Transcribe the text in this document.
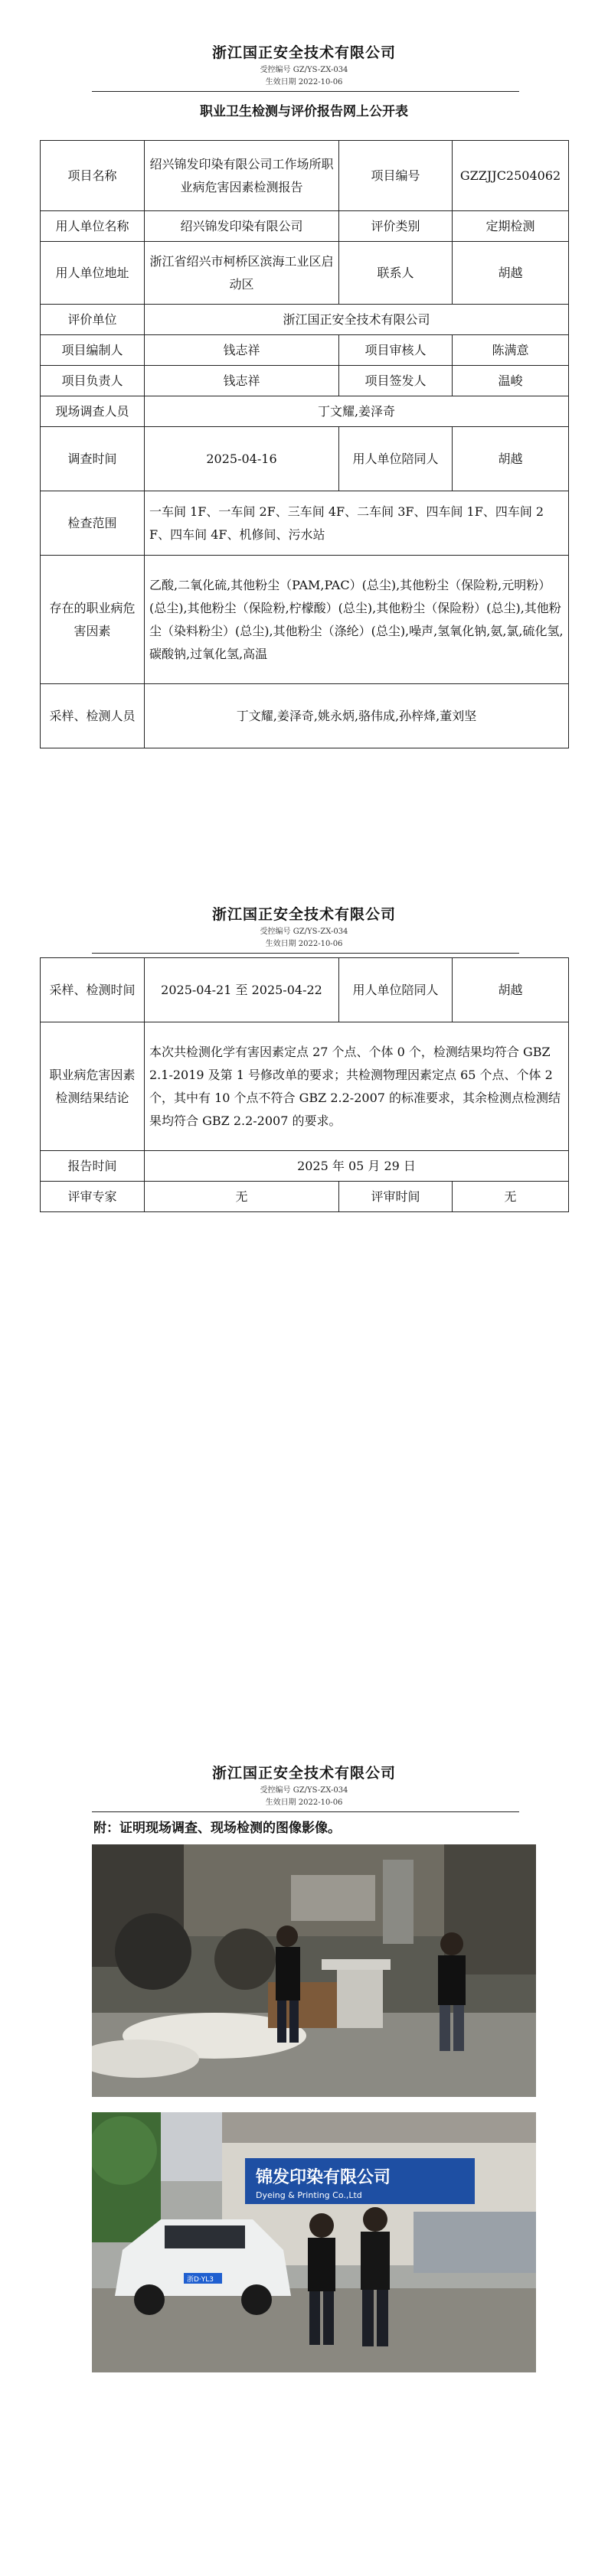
浙江国正安全技术有限公司
受控编号 GZ/YS-ZX-034
生效日期 2022-10-06
职业卫生检测与评价报告网上公开表
项目名称	绍兴锦发印染有限公司工作场所职业病危害因素检测报告	项目编号	GZZJJC2504062
用人单位名称	绍兴锦发印染有限公司	评价类别	定期检测
用人单位地址	浙江省绍兴市柯桥区滨海工业区启动区	联系人	胡越
评价单位	浙江国正安全技术有限公司		
项目编制人	钱志祥	项目审核人	陈满意
项目负责人	钱志祥	项目签发人	温峻
现场调查人员	丁文耀,姜泽奇		
调查时间	2025-04-16	用人单位陪同人	胡越
检查范围	一车间 1F、一车间 2F、三车间 4F、二车间 3F、四车间 1F、四车间 2F、四车间 4F、机修间、污水站		
存在的职业病危害因素	乙酸,二氧化硫,其他粉尘（PAM,PAC）(总尘),其他粉尘（保险粉,元明粉）(总尘),其他粉尘（保险粉,柠檬酸）(总尘),其他粉尘（保险粉）(总尘),其他粉尘（染料粉尘）(总尘),其他粉尘（涤纶）(总尘),噪声,氢氧化钠,氨,氯,硫化氢,碳酸钠,过氧化氢,高温		
采样、检测人员	丁文耀,姜泽奇,姚永炳,骆伟成,孙梓烽,董刘坚		
浙江国正安全技术有限公司
受控编号 GZ/YS-ZX-034
生效日期 2022-10-06
采样、检测时间	2025-04-21 至 2025-04-22	用人单位陪同人	胡越
职业病危害因素检测结果结论	本次共检测化学有害因素定点 27 个点、个体 0 个，检测结果均符合 GBZ 2.1-2019 及第 1 号修改单的要求；共检测物理因素定点 65 个点、个体 2 个，其中有 10 个点不符合 GBZ 2.2-2007 的标准要求，其余检测点检测结果均符合 GBZ 2.2-2007 的要求。		
报告时间	2025 年 05 月 29 日		
评审专家	无	评审时间	无
浙江国正安全技术有限公司
受控编号 GZ/YS-ZX-034
生效日期 2022-10-06
附：证明现场调查、现场检测的图像影像。
锦发印染有限公司
Dyeing & Printing Co.,Ltd
浙D·YL3
